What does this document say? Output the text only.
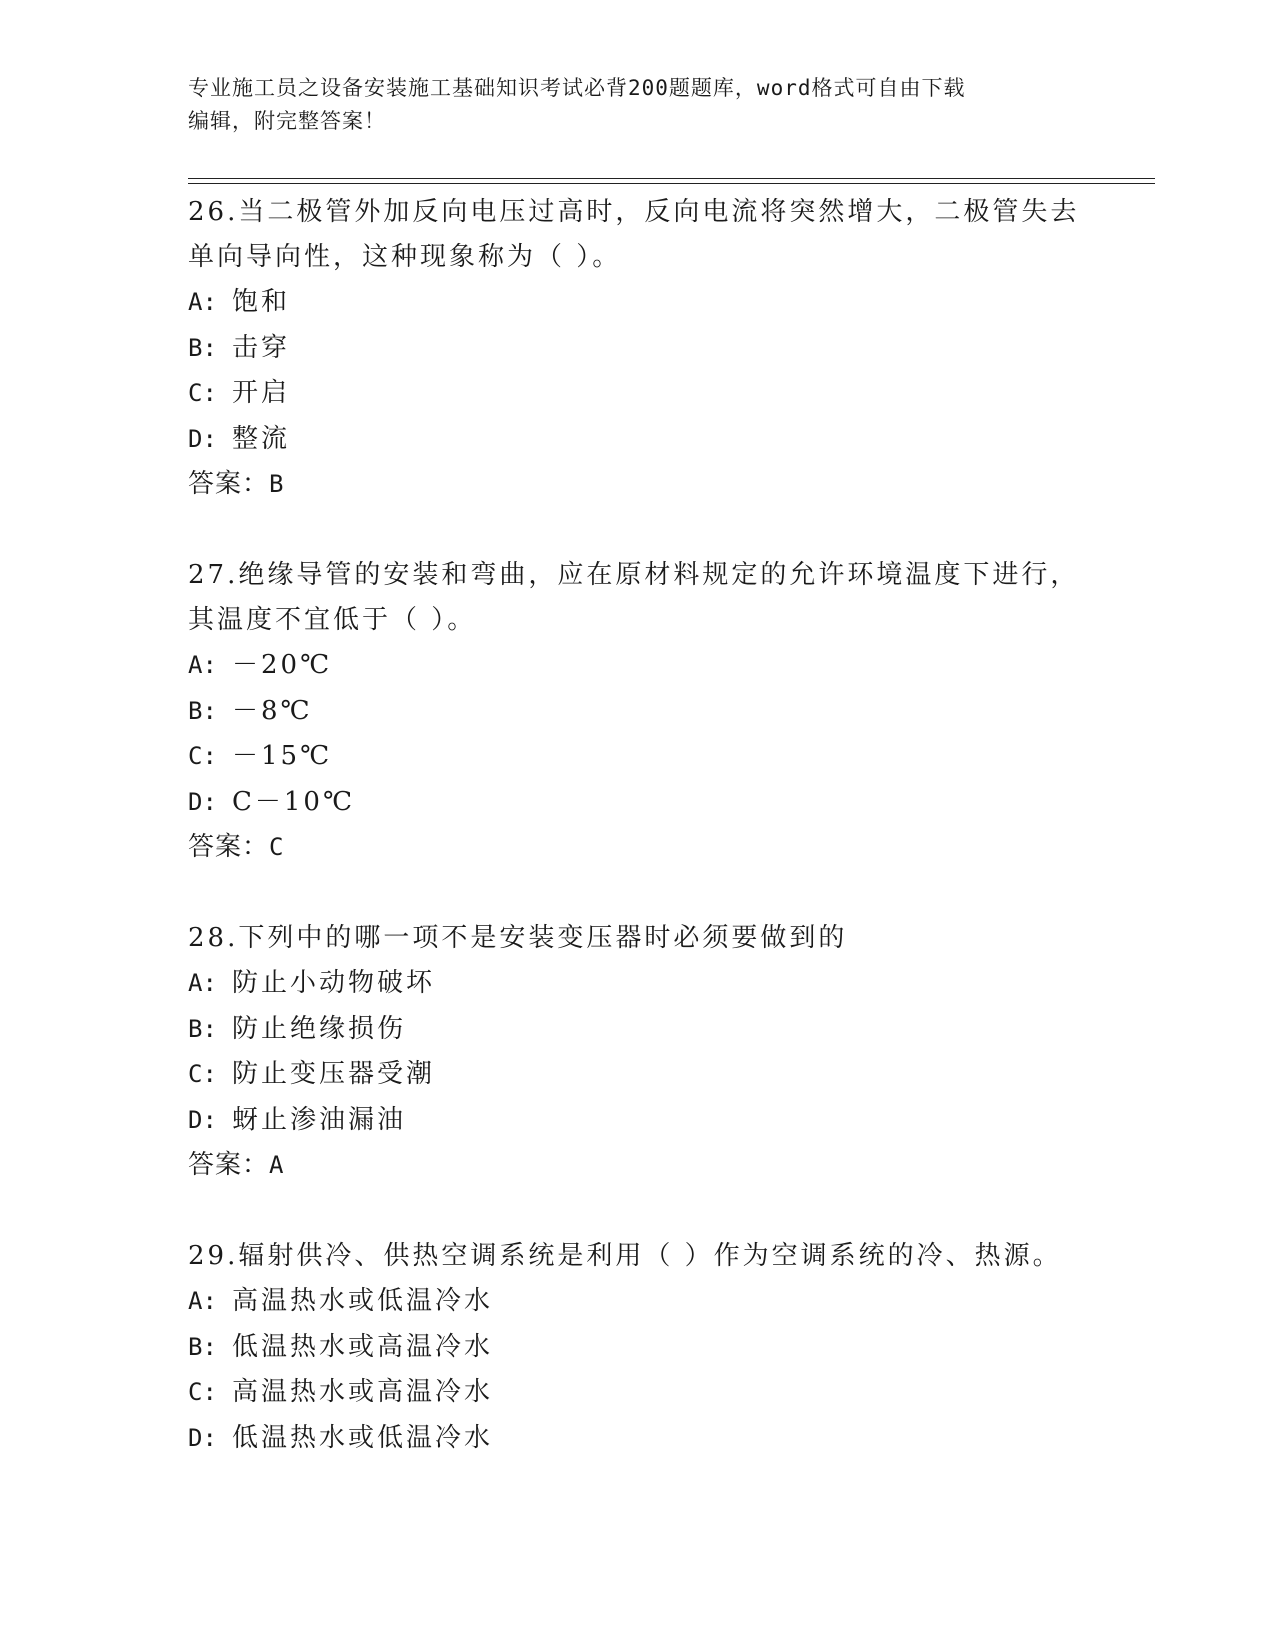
专业施工员之设备安装施工基础知识考试必背200题题库，word格式可自由下载
编辑，附完整答案！
26.当二极管外加反向电压过高时，反向电流将突然增大，二极管失去
单向导向性，这种现象称为（ ）。
A: 饱和
B: 击穿
C: 开启
D: 整流
答案：B
27.绝缘导管的安装和弯曲，应在原材料规定的允许环境温度下进行，
其温度不宜低于（ ）。
A: －20℃
B: －8℃
C: －15℃
D: C－10℃
答案：C
28.下列中的哪一项不是安装变压器时必须要做到的
A: 防止小动物破坏
B: 防止绝缘损伤
C: 防止变压器受潮
D: 蚜止渗油漏油
答案：A
29.辐射供冷、供热空调系统是利用（ ）作为空调系统的冷、热源。
A: 高温热水或低温冷水
B: 低温热水或高温冷水
C: 高温热水或高温冷水
D: 低温热水或低温冷水
